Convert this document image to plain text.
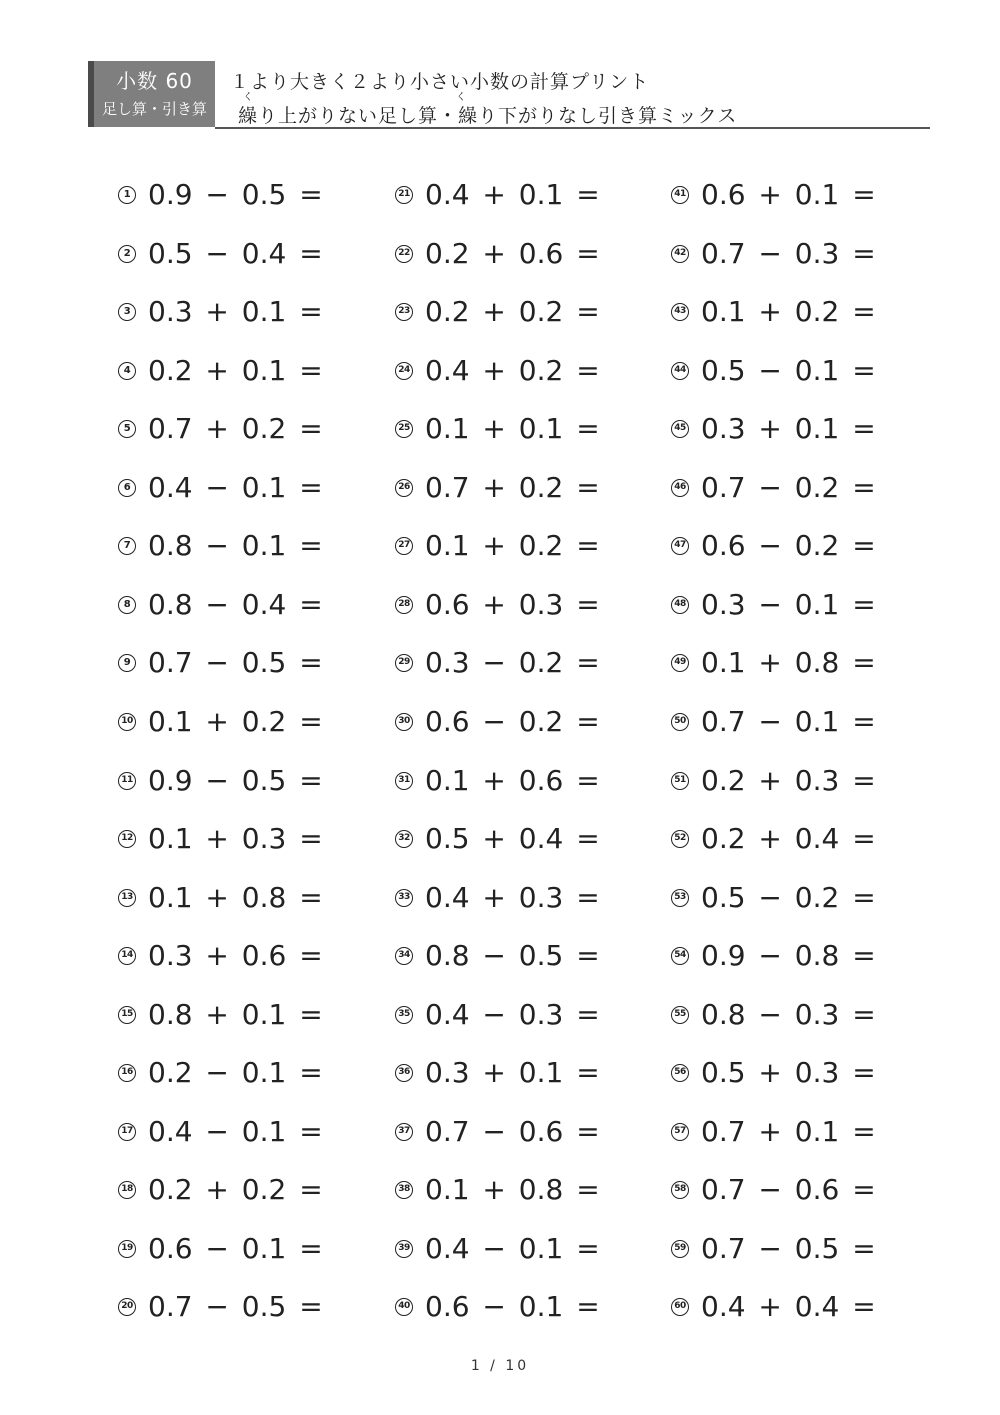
小数 60
足し算・引き算
１より大きく２より小さい小数の計算プリント
く	く
繰り上がりない足し算・繰り下がりなし引き算ミックス
1 0.9 − 0.5 =
2 0.5 − 0.4 =
3 0.3 + 0.1 =
4 0.2 + 0.1 =
5 0.7 + 0.2 =
6 0.4 − 0.1 =
7 0.8 − 0.1 =
8 0.8 − 0.4 =
9 0.7 − 0.5 =
10 0.1 + 0.2 =
11 0.9 − 0.5 =
12 0.1 + 0.3 =
13 0.1 + 0.8 =
14 0.3 + 0.6 =
15 0.8 + 0.1 =
16 0.2 − 0.1 =
17 0.4 − 0.1 =
18 0.2 + 0.2 =
19 0.6 − 0.1 =
20 0.7 − 0.5 =
21 0.4 + 0.1 =
22 0.2 + 0.6 =
23 0.2 + 0.2 =
24 0.4 + 0.2 =
25 0.1 + 0.1 =
26 0.7 + 0.2 =
27 0.1 + 0.2 =
28 0.6 + 0.3 =
29 0.3 − 0.2 =
30 0.6 − 0.2 =
31 0.1 + 0.6 =
32 0.5 + 0.4 =
33 0.4 + 0.3 =
34 0.8 − 0.5 =
35 0.4 − 0.3 =
36 0.3 + 0.1 =
37 0.7 − 0.6 =
38 0.1 + 0.8 =
39 0.4 − 0.1 =
40 0.6 − 0.1 =
41 0.6 + 0.1 =
42 0.7 − 0.3 =
43 0.1 + 0.2 =
44 0.5 − 0.1 =
45 0.3 + 0.1 =
46 0.7 − 0.2 =
47 0.6 − 0.2 =
48 0.3 − 0.1 =
49 0.1 + 0.8 =
50 0.7 − 0.1 =
51 0.2 + 0.3 =
52 0.2 + 0.4 =
53 0.5 − 0.2 =
54 0.9 − 0.8 =
55 0.8 − 0.3 =
56 0.5 + 0.3 =
57 0.7 + 0.1 =
58 0.7 − 0.6 =
59 0.7 − 0.5 =
60 0.4 + 0.4 =
1 / 10
